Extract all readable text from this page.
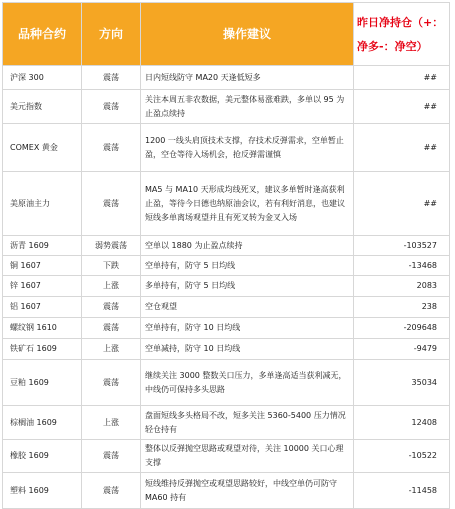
品种合约	方向	操作建议	昨日净持仓（+：
净多-：净空）

沪深 300	震荡	日内短线防守 MA20 天逢低短多	##
美元指数	震荡	关注本周五非农数据，美元整体易涨难跌，多单以 95 为止盈点续持	##
COMEX 黄金	震荡	1200 一线头肩顶技术支撑，存技术反弹需求，空单暂止盈，空仓等待入场机会，抢反弹需谨慎	##
美原油主力	震荡	MA5 与 MA10 天形成均线死叉，建议多单暂时逢高获利止盈，等待今日德也纳原油会议，若有利好消息，也建议短线多单离场观望并且有死叉转为金叉入场	##
沥青 1609	弱势震荡	空单以 1880 为止盈点续持	-103527
铜 1607	下跌	空单持有，防守 5 日均线	-13468
锌 1607	上涨	多单持有，防守 5 日均线	2083
铝 1607	震荡	空仓观望	238
螺纹钢 1610	震荡	空单持有，防守 10 日均线	-209648
铁矿石 1609	上涨	空单减持，防守 10 日均线	-9479
豆粕 1609	震荡	继续关注 3000 整数关口压力，多单逢高适当获利减无，中线仍可保持多头思路	35034
棕榈油 1609	上涨	盘面短线多头格局不改，短多关注 5360-5400 压力情况轻仓持有	12408
橡胶 1609	震荡	整体以反弹抛空思路或观望对待，关注 10000 关口心理支撑	-10522
塑料 1609	震荡	短线维持反弹抛空或观望思路较好，中线空单仍可防守 MA60 持有	-11458
